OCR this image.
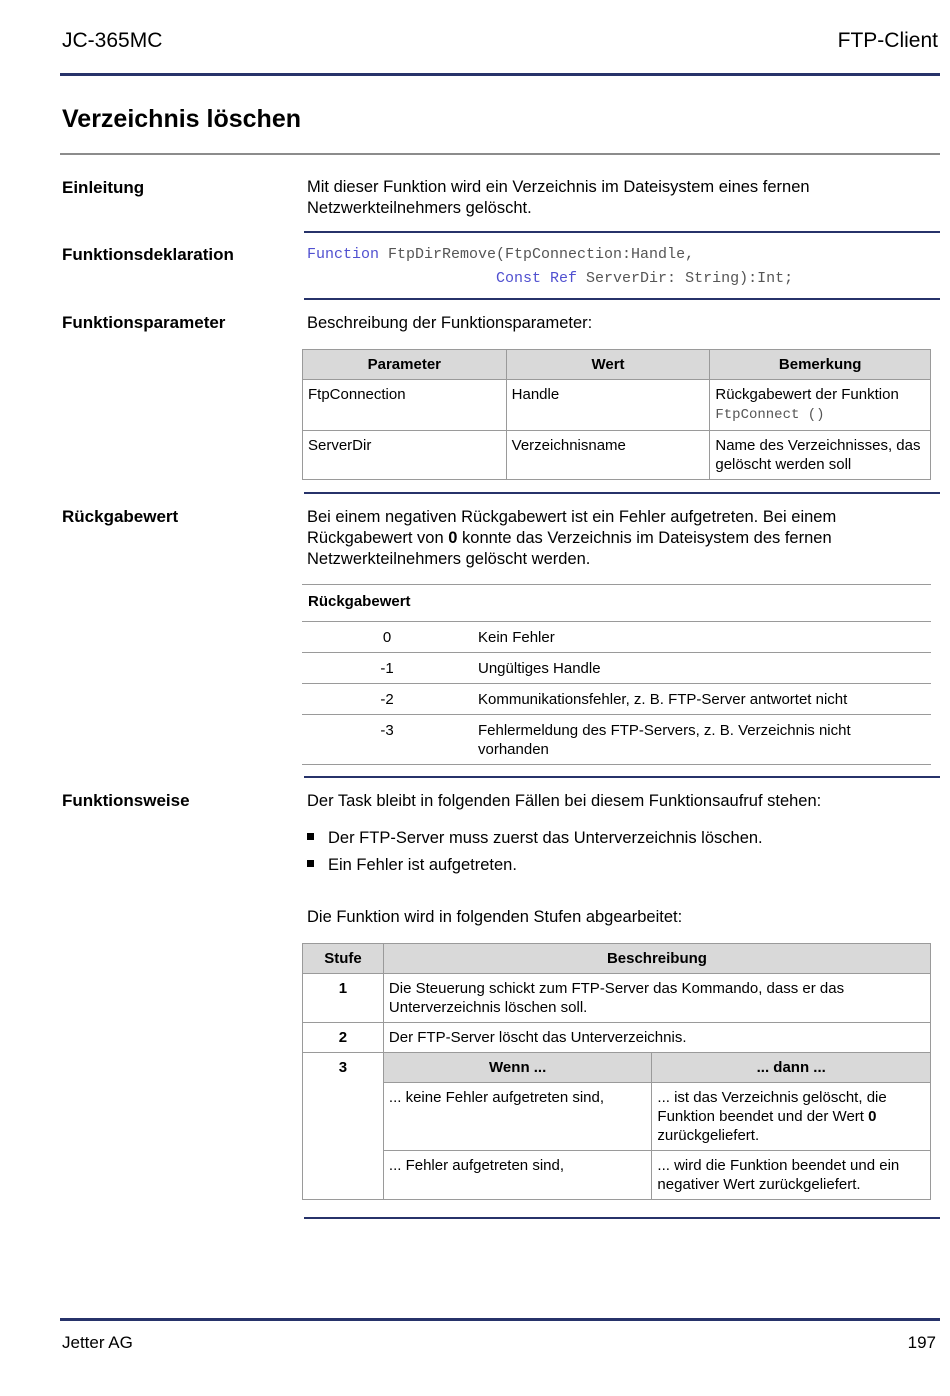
JC-365MC	FTP-Client
Verzeichnis löschen
Einleitung	Mit dieser Funktion wird ein Verzeichnis im Dateisystem eines fernen Netzwerkteilnehmers gelöscht.
Funktionsdeklaration	Function FtpDirRemove(FtpConnection:Handle,
Const Ref ServerDir: String):Int;
Funktionsparameter	Beschreibung der Funktionsparameter:
Parameter	Wert	Bemerkung
FtpConnection	Handle	Rückgabewert der Funktion
FtpConnect ()
ServerDir	Verzeichnisname	Name des Verzeichnisses, das gelöscht werden soll
Rückgabewert	Bei einem negativen Rückgabewert ist ein Fehler aufgetreten. Bei einem Rückgabewert von 0 konnte das Verzeichnis im Dateisystem des fernen Netzwerkteilnehmers gelöscht werden.
Rückgabewert	
0	Kein Fehler
-1	Ungültiges Handle
-2	Kommunikationsfehler, z. B. FTP-Server antwortet nicht
-3	Fehlermeldung des FTP-Servers, z. B. Verzeichnis nicht vorhanden
Funktionsweise	Der Task bleibt in folgenden Fällen bei diesem Funktionsaufruf stehen:
Der FTP-Server muss zuerst das Unterverzeichnis löschen.
Ein Fehler ist aufgetreten.
Die Funktion wird in folgenden Stufen abgearbeitet:
Stufe	Beschreibung	
1	Die Steuerung schickt zum FTP-Server das Kommando, dass er das Unterverzeichnis löschen soll.	
2	Der FTP-Server löscht das Unterverzeichnis.	
3	Wenn ...	... dann ...
	... keine Fehler aufgetreten sind,	... ist das Verzeichnis gelöscht, die Funktion beendet und der Wert 0 zurückgeliefert.
	... Fehler aufgetreten sind,	... wird die Funktion beendet und ein negativer Wert zurückgeliefert.
Jetter AG	197
